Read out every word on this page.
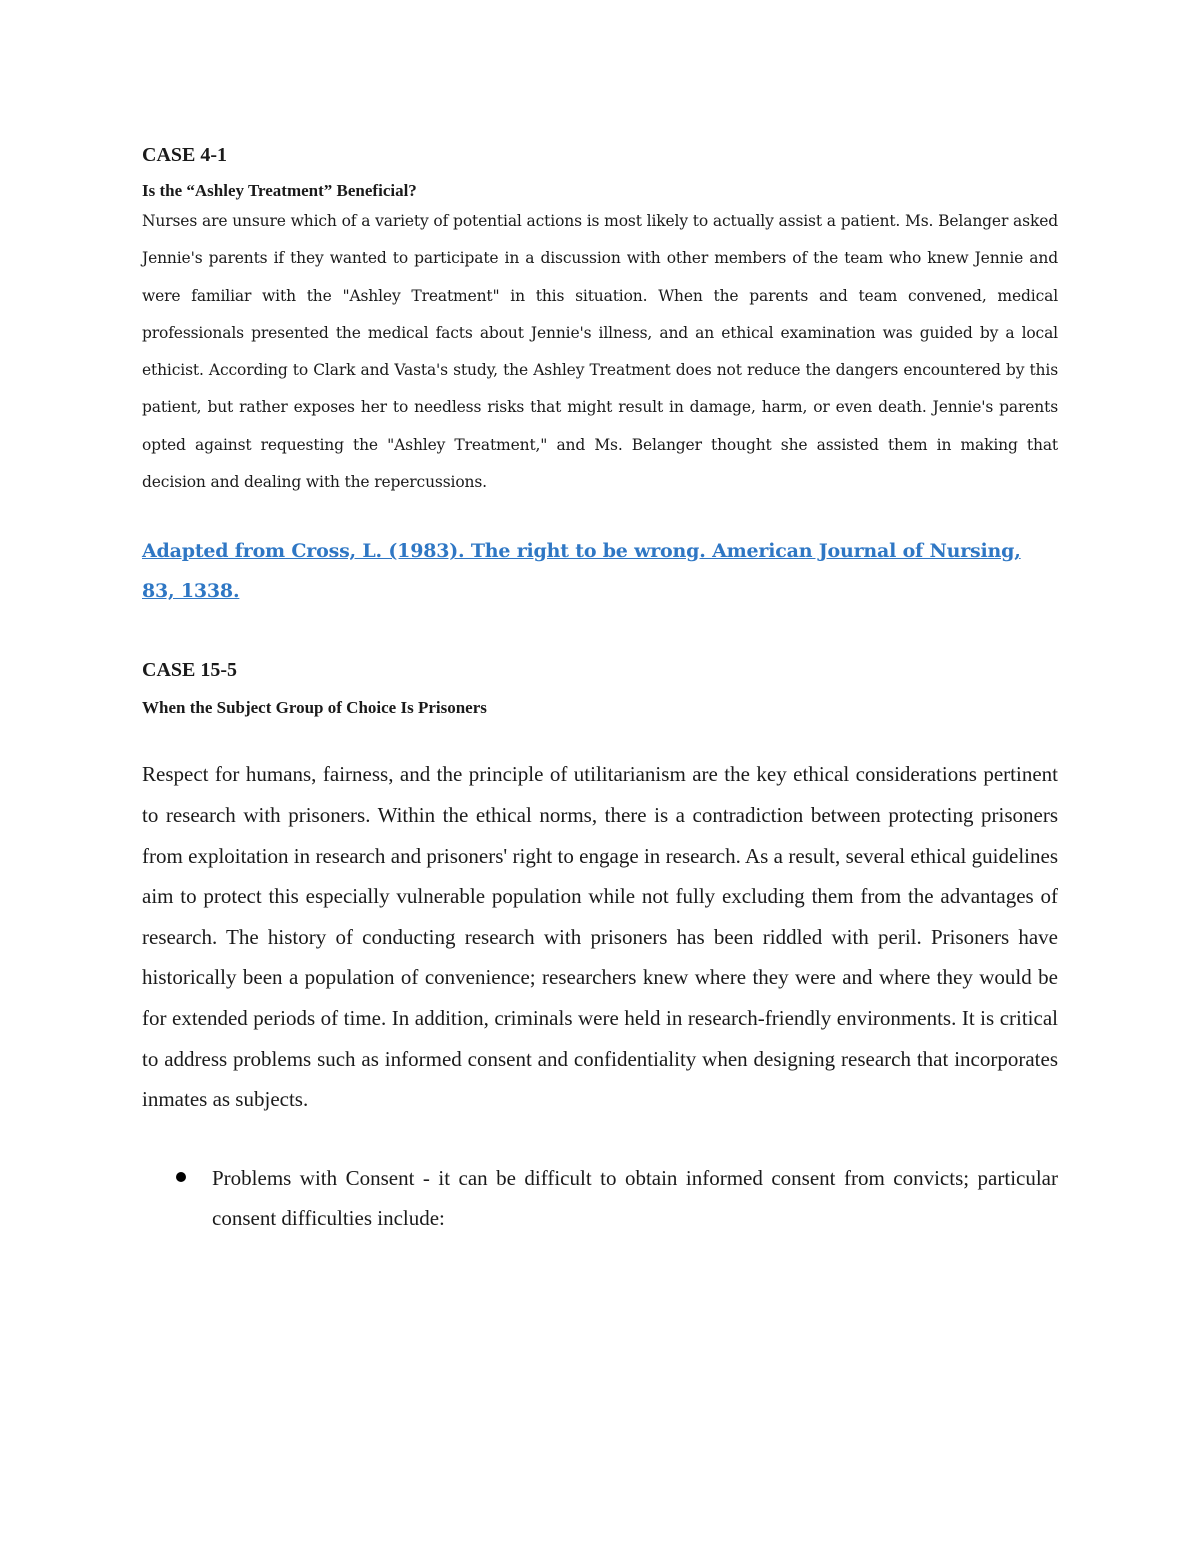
CASE 4-1
Is the “Ashley Treatment” Beneficial?

Nurses are unsure which of a variety of potential actions is most likely to actually assist a patient. Ms. Belanger asked Jennie's parents if they wanted to participate in a discussion with other members of the team who knew Jennie and were familiar with the "Ashley Treatment" in this situation. When the parents and team convened, medical professionals presented the medical facts about Jennie's illness, and an ethical examination was guided by a local ethicist. According to Clark and Vasta's study, the Ashley Treatment does not reduce the dangers encountered by this patient, but rather exposes her to needless risks that might result in damage, harm, or even death. Jennie's parents opted against requesting the "Ashley Treatment," and Ms. Belanger thought she assisted them in making that decision and dealing with the repercussions.

Adapted from Cross, L. (1983). The right to be wrong. American Journal of Nursing, 83, 1338.
CASE 15-5
When the Subject Group of Choice Is Prisoners

Respect for humans, fairness, and the principle of utilitarianism are the key ethical considerations pertinent to research with prisoners. Within the ethical norms, there is a contradiction between protecting prisoners from exploitation in research and prisoners' right to engage in research. As a result, several ethical guidelines aim to protect this especially vulnerable population while not fully excluding them from the advantages of research. The history of conducting research with prisoners has been riddled with peril. Prisoners have historically been a population of convenience; researchers knew where they were and where they would be for extended periods of time. In addition, criminals were held in research-friendly environments. It is critical to address problems such as informed consent and confidentiality when designing research that incorporates inmates as subjects.

Problems with Consent - it can be difficult to obtain informed consent from convicts; particular consent difficulties include:
